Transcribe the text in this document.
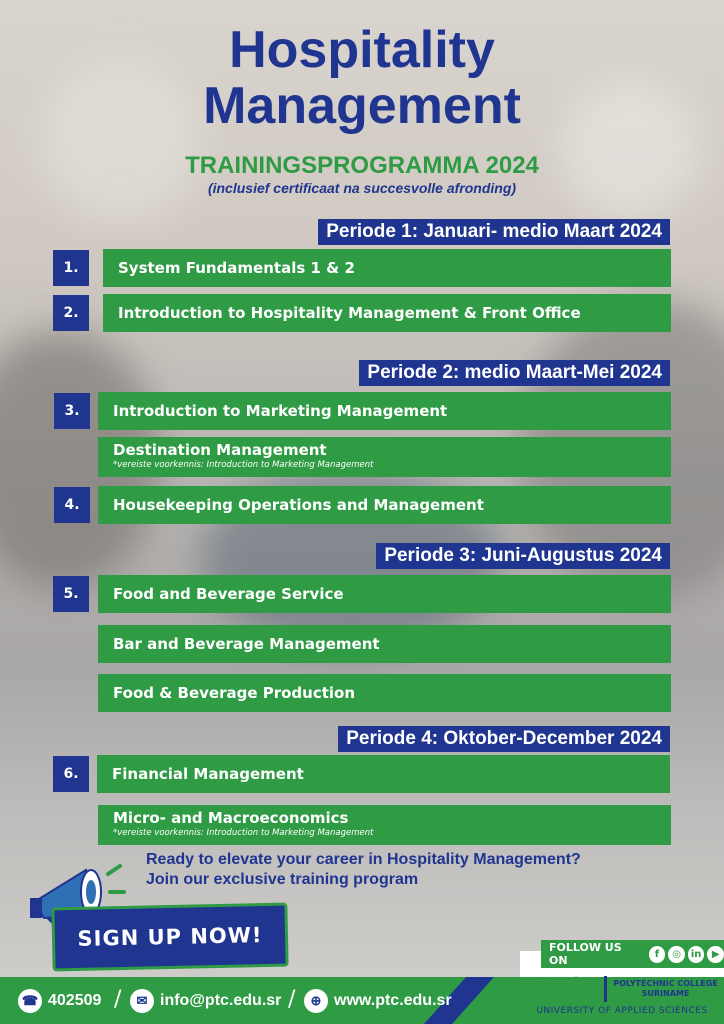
Hospitality
Management
TRAININGSPROGRAMMA 2024
(inclusief certificaat na succesvolle afronding)
Periode 1: Januari- medio Maart 2024
1.	System Fundamentals 1 & 2
2.	Introduction to Hospitality Management & Front Office
Periode 2: medio Maart-Mei 2024
3.	Introduction to Marketing Management
Destination Management
*vereiste voorkennis: Introduction to Marketing Management
4.	Housekeeping Operations and Management
Periode 3: Juni-Augustus 2024
5.	Food and Beverage Service
Bar and Beverage Management
Food & Beverage Production
Periode 4: Oktober-December 2024
6.	Financial Management
Micro- and Macroeconomics
*vereiste voorkennis: Introduction to Marketing Management
Ready to elevate your career in Hospitality Management?
Join our exclusive training program
SIGN UP NOW!	FOLLOW US ON	f	◎ in	▶
☎ 402509 /	✉ info@ptc.edu.sr /	⊕ www.ptc.edu.sr	PTC	POLYTECHNIC COLLEGE
SURINAME
UNIVERSITY OF APPLIED SCIENCES
